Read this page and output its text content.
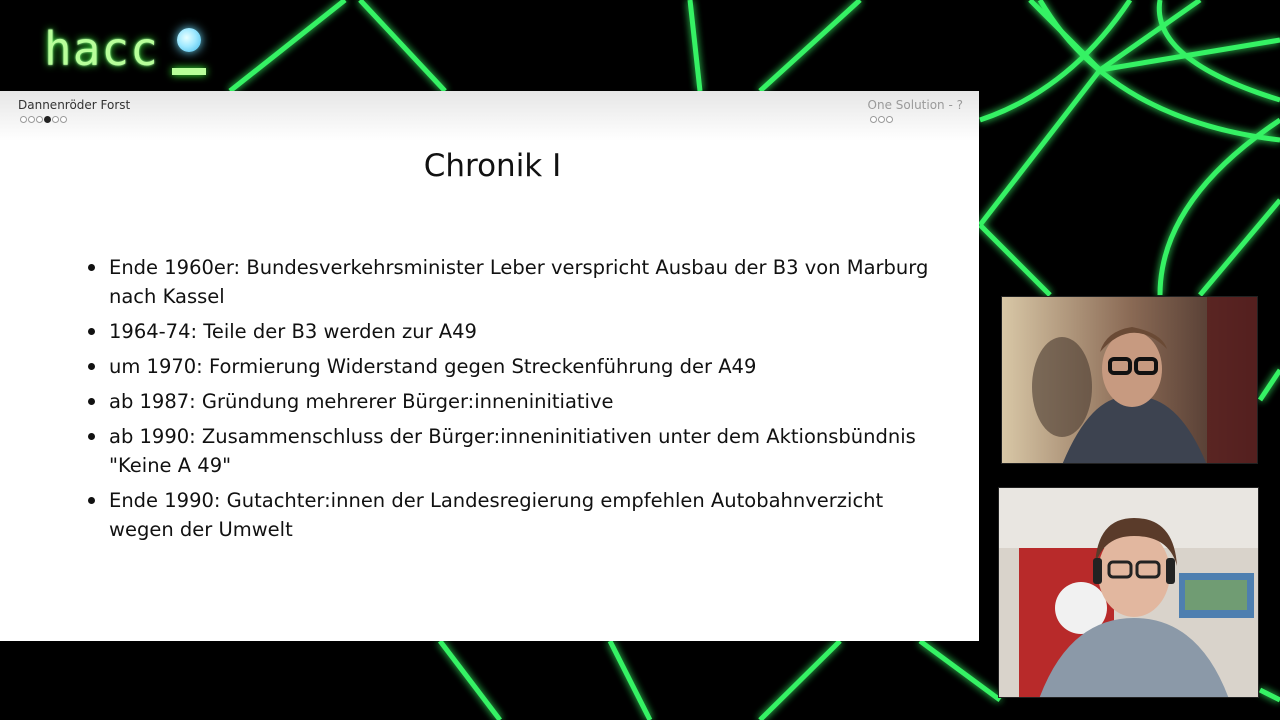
hacc
Dannenröder Forst	One Solution - ?
Chronik I
Ende 1960er: Bundesverkehrsminister Leber verspricht Ausbau der B3 von Marburg nach Kassel
1964-74: Teile der B3 werden zur A49
um 1970: Formierung Widerstand gegen Streckenführung der A49
ab 1987: Gründung mehrerer Bürger:inneninitiative
ab 1990: Zusammenschluss der Bürger:inneninitiativen unter dem Aktionsbündnis "Keine A 49"
Ende 1990: Gutachter:innen der Landesregierung empfehlen Autobahnverzicht wegen der Umwelt
